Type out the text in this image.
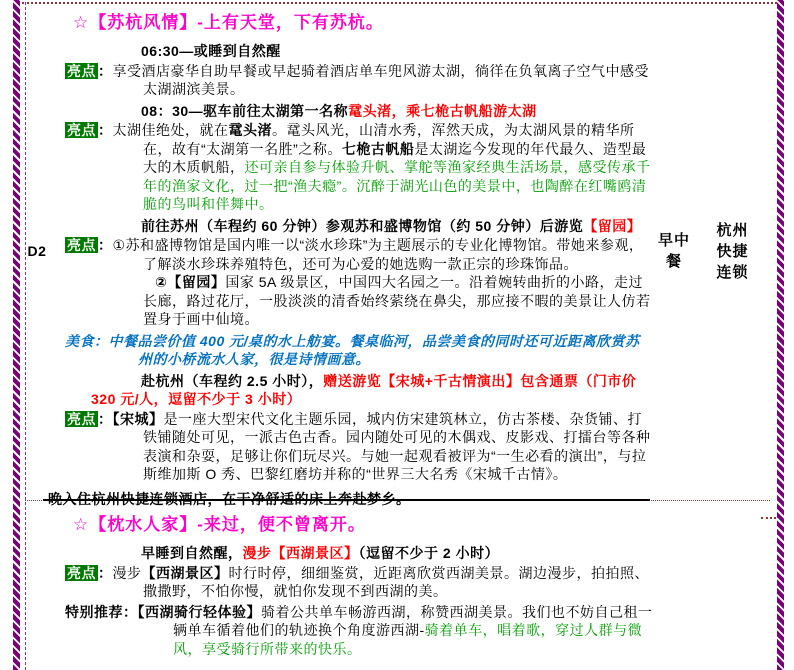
D2
☆【苏杭风情】-上有天堂，下有苏杭。
06:30—或睡到自然醒
亮点 ：享受酒店豪华自助早餐或早起骑着酒店单车兜风游太湖，徜徉在负氧离子空气中感受太湖湖滨美景。
08：30—驱车前往太湖第一名称鼋头渚，乘七桅古帆船游太湖
亮点 ：太湖佳绝处，就在鼋头渚。鼋头风光，山清水秀，浑然天成，为太湖风景的精华所在，故有“太湖第一名胜”之称。七桅古帆船是太湖迄今发现的年代最久、造型最大的木质帆船，还可亲自参与体验升帆、掌舵等渔家经典生活场景，感受传承千年的渔家文化，过一把“渔夫瘾”。沉醉于湖光山色的美景中，也陶醉在红嘴鸥清脆的鸟叫和伴舞中。
前往苏州（车程约 60 分钟）参观苏和盛博物馆（约 50 分钟）后游览【留园】
亮点 ：①苏和盛博物馆是国内唯一以“淡水珍珠”为主题展示的专业化博物馆。带她来参观，了解淡水珍珠养殖特色，还可为心爱的她选购一款正宗的珍珠饰品。
②【留园】国家 5A 级景区，中国四大名园之一。沿着婉转曲折的小路，走过长廊，路过花厅，一股淡淡的清香始终萦绕在鼻尖，那应接不暇的美景让人仿若置身于画中仙境。
美食：中餐品尝价值 400 元/桌的水上舫宴。餐桌临河，品尝美食的同时还可近距离欣赏苏州的小桥流水人家，很是诗情画意。
赴杭州（车程约 2.5 小时），赠送游览【宋城+千古情演出】包含通票（门市价 320 元/人，逗留不少于 3 小时）
亮点 ：【宋城】是一座大型宋代文化主题乐园，城内仿宋建筑林立，仿古茶楼、杂货铺、打铁铺随处可见，一派古色古香。园内随处可见的木偶戏、皮影戏、打擂台等各种表演和杂耍，足够让你们玩尽兴。与她一起观看被评为“一生必看的演出”，与拉斯维加斯 O 秀、巴黎红磨坊并称的“世界三大名秀《宋城千古情》。
晚入住杭州快捷连锁酒店，在干净舒适的床上奔赴梦乡。
早中
餐
杭州
快捷
连锁
☆【枕水人家】-来过，便不曾离开。
早睡到自然醒，漫步【西湖景区】（逗留不少于 2 小时）
亮点 ：漫步【西湖景区】时行时停，细细鉴赏，近距离欣赏西湖美景。湖边漫步，拍拍照、撒撒野，不怕你慢，就怕你发现不到西湖的美。
特别推荐：【西湖骑行轻体验】骑着公共单车畅游西湖，称赞西湖美景。我们也不妨自己租一辆单车循着他们的轨迹换个角度游西湖-骑着单车，唱着歌，穿过人群与微风，享受骑行所带来的快乐。
